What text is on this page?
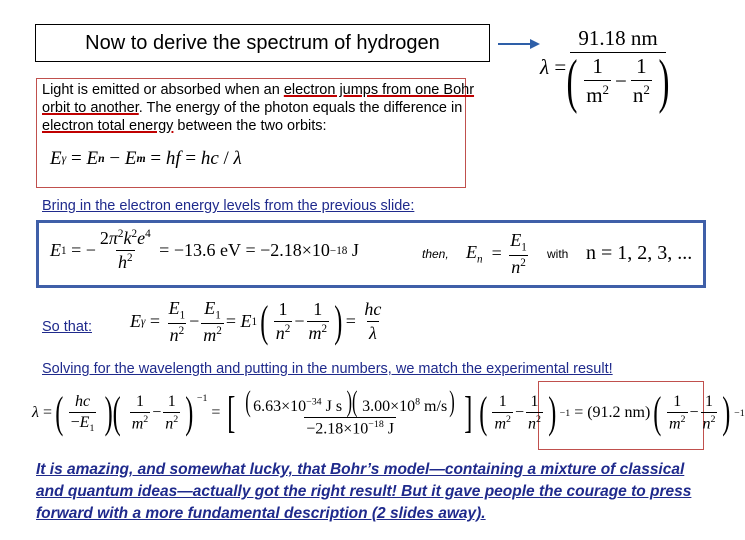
Now to derive the spectrum of hydrogen
$\lambda = \frac{91.18 nm}{( \frac{1}{m^2} - \frac{1}{n^2} )}$
Light is emitted or absorbed when an electron jumps from one Bohr orbit to another. The energy of the photon equals the difference in electron total energy between the two orbits:
E γ = E n − E m = hf = hc / λ
Bring in the electron energy levels from the previous slide:
E 1 = − $\frac{2\pi^2k^2e^4}{h^2} = -13.6$ eV = −2.18×10 −18 J	then, $E_n = \frac{E_1}{n^2}$ with n = 1, 2, 3, ...
So that: E $\gamma = \frac{E_1}{n^2} - \frac{E_1}{m^2} = E$ 1 ( $\frac{1}{n^2} - \frac{1}{m^2}$ ) = $\frac{hc}{\lambda}$
Solving for the wavelength and putting in the numbers, we match the experimental result!
λ = ( $\frac{hc}{-E_1}$ )( $\frac{1}{m^2} - \frac{1}{n^2}$ ) $^{-1}$
= [ $\frac{( 6.63\times 10^{-34} J s )( 3.00\times 10^8 m/s)}{-2.18\times 10^{-18} J}$ ] ( $\frac{1}{m^2} - \frac{1}{n^2}$ ) −1 = (91.2 nm) ( $\frac{1}{m^2} - \frac{1}{n^2}$ ) −1
It is amazing, and somewhat lucky, that Bohr’s model—containing a mixture of classical and quantum ideas—actually got the right result! But it gave people the courage to press forward with a more fundamental description (2 slides away).
